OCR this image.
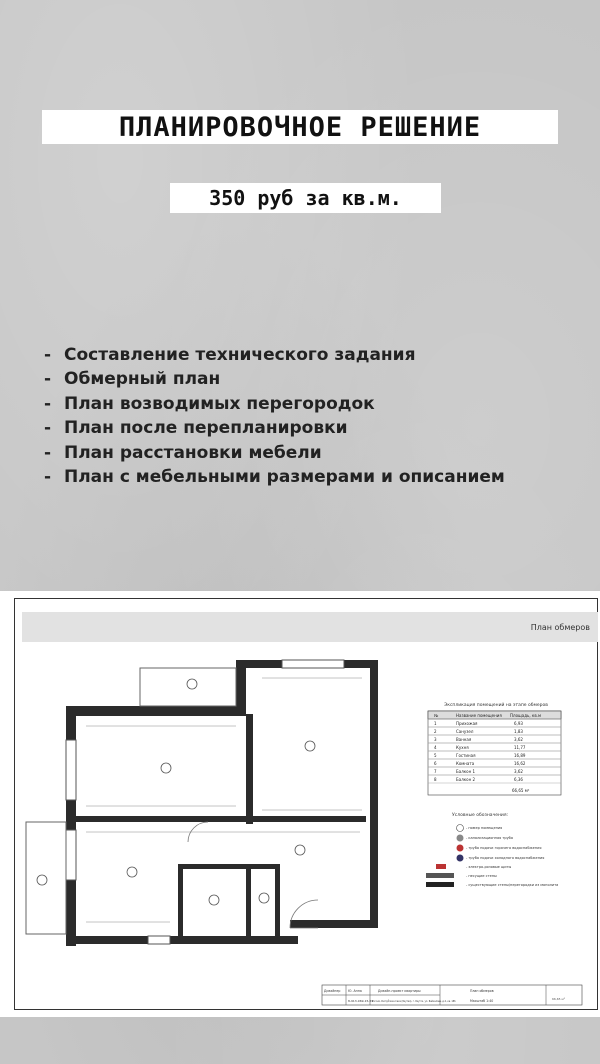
ПЛАНИРОВОЧНОЕ РЕШЕНИЕ
350 руб за кв.м.
- Составление технического задания
- Обмерный план
- План возводимых перегородок
- План после перепланировки
- План расстановки мебели
- План с мебельными размерами и описанием
План обмеров
Экспликация помещений на этапе обмеров
№	Название помещения Площадь, кв.м
1	Прихожая	6,93
2	Санузел	1,83
3	Ванная	3,62
4	Кухня	11,77
5	Гостиная	16,89
6	Комната	16,62
7	Балкон 1	3,62
8	Балкон 2	6,36
66,65 м²
Условные обозначения:
- номер помещения
- канализационная труба
- труба подачи горячего водоснабжения
- труба подачи холодного водоснабжения
- электро-розовые щиты
- несущие стены
- существующие стены/перегородки из монолита
Дизайнер Ю. Анна
8-913-969-15-59
Дизайн-проект квартиры
Россия, Республика Саха (Якутия), г. Якутск, ул. Байкалова, д.2, кв. 186
План обмеров
Масштаб 1:40	66,65 м²
